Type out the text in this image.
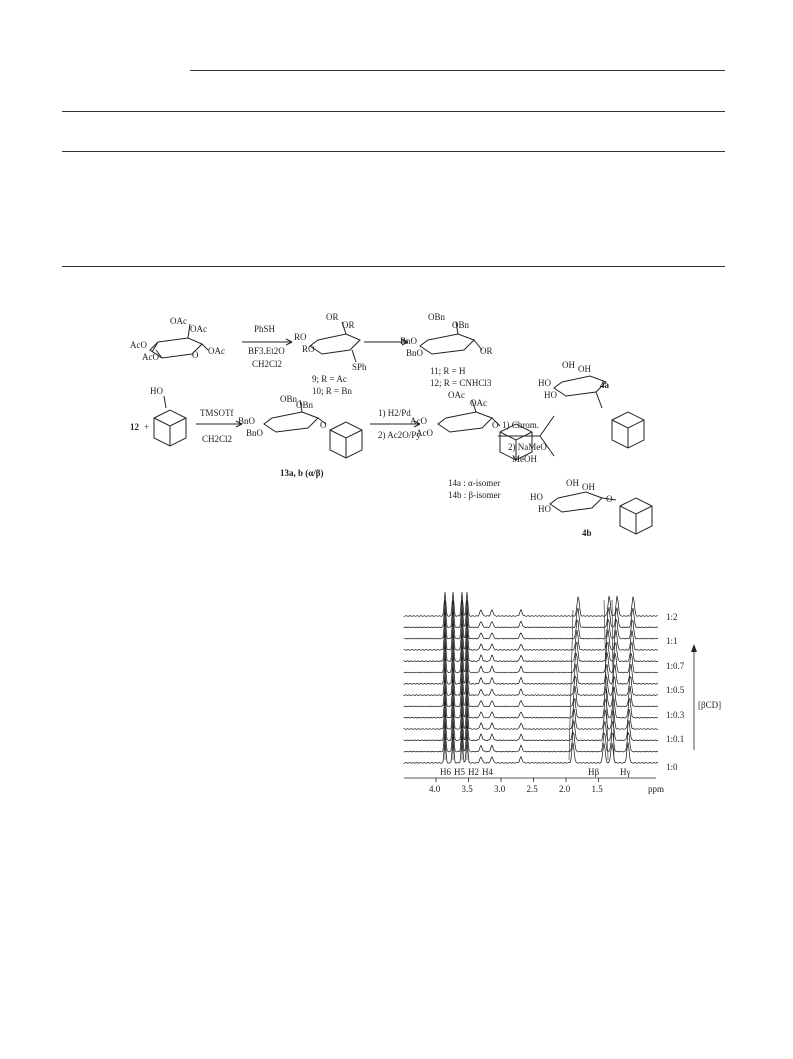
OAc
OAc
AcO
AcO	O OAc
PhSH
BF3.Et2O
CH2Cl2
OR
OR
RO
RO
SPh
9; R = Ac
10; R = Bn
OBn
OBn
BnO
BnO	OR
11; R = H
12; R = CNHCl3
12 +
HO
TMSOTf
CH2Cl2
OBn
OBn
BnO
BnO
O
13a, b (α/β)
1) H2/Pd
2) Ac2O/Py
OAc
OAc
AcO
AcO
O
14a : α-isomer
14b : β-isomer
1) Chrom.
2) NaMeO
MeOH
OH OH
HO
HO
4a
OH OH
HO
HO
O
4b
4.0 3.5 3.0 2.5 2.0 1.5	ppm
H6 H5 H2 H4	Hβ Hγ
1:2
1:1
1:0.7
1:0.5
1:0.3
1:0.1
1:0
[βCD]
